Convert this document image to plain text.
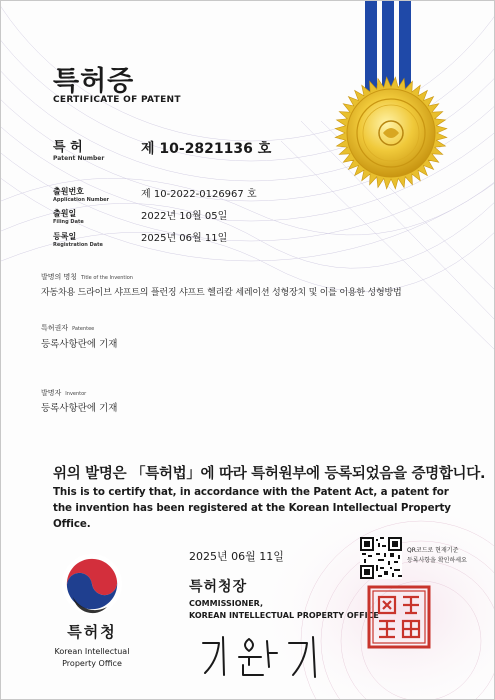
특허증
CERTIFICATE OF PATENT
특 허
Patent Number
제 10-2821136 호
출원번호
Application Number	제 10-2022-0126967 호
출원일
Filing Date	2022년 10월 05일
등록일
Registration Date
2025년 06월 11일
발명의 명칭 Title of the Invention
자동차용 드라이브 샤프트의 플런징 샤프트 헬리칼 세레이션 성형장치 및 이를 이용한 성형방법
특허권자 Patentee
등록사항란에 기재
발명자 Inventor
등록사항란에 기재
위의 발명은 「특허법」에 따라 특허원부에 등록되었음을 증명합니다.
This is to certify that, in accordance with the Patent Act, a patent for the invention has been registered at the Korean Intellectual Property Office.
2025년 06월 11일
특허청장
COMMISSIONER,
KOREAN INTELLECTUAL PROPERTY OFFICE
QR코드로 현재기준
등록사항을 확인하세요
특허청
Korean Intellectual
Property Office
